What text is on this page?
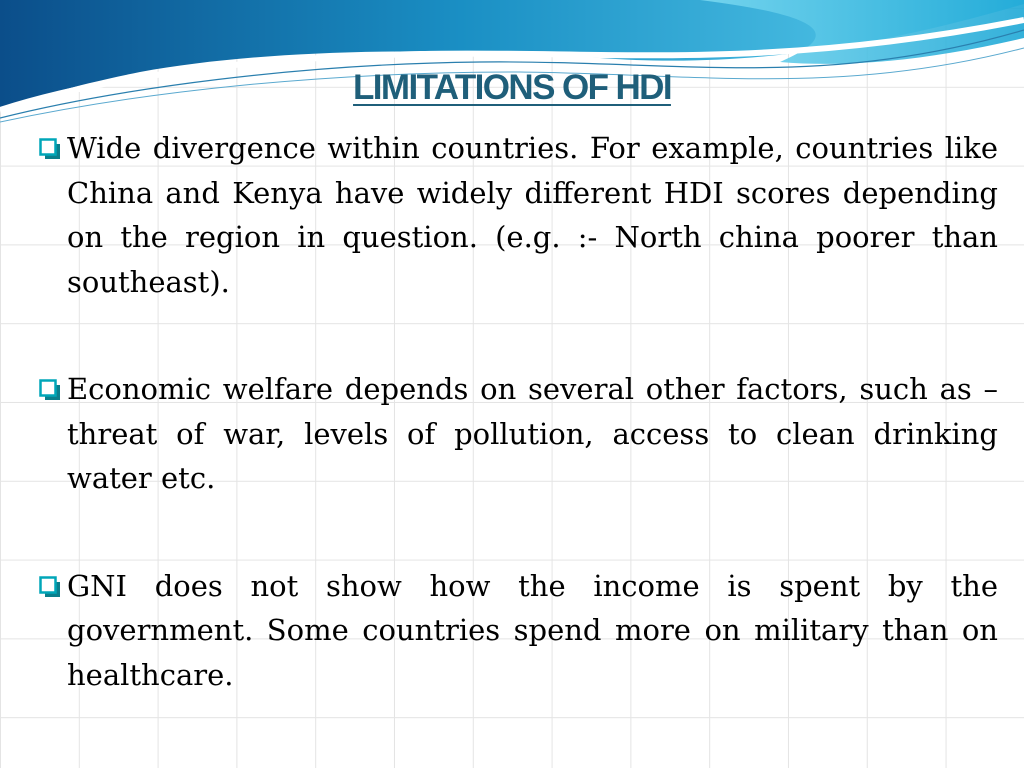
LIMITATIONS OF HDI
Wide divergence within countries. For example, countries like China and Kenya have widely different HDI scores depending on the region in question. (e.g. :- North china poorer than southeast).
Economic welfare depends on several other factors, such as – threat of war, levels of pollution, access to clean drinking water etc.
GNI does not show how the income is spent by the government. Some countries spend more on military than on healthcare.
